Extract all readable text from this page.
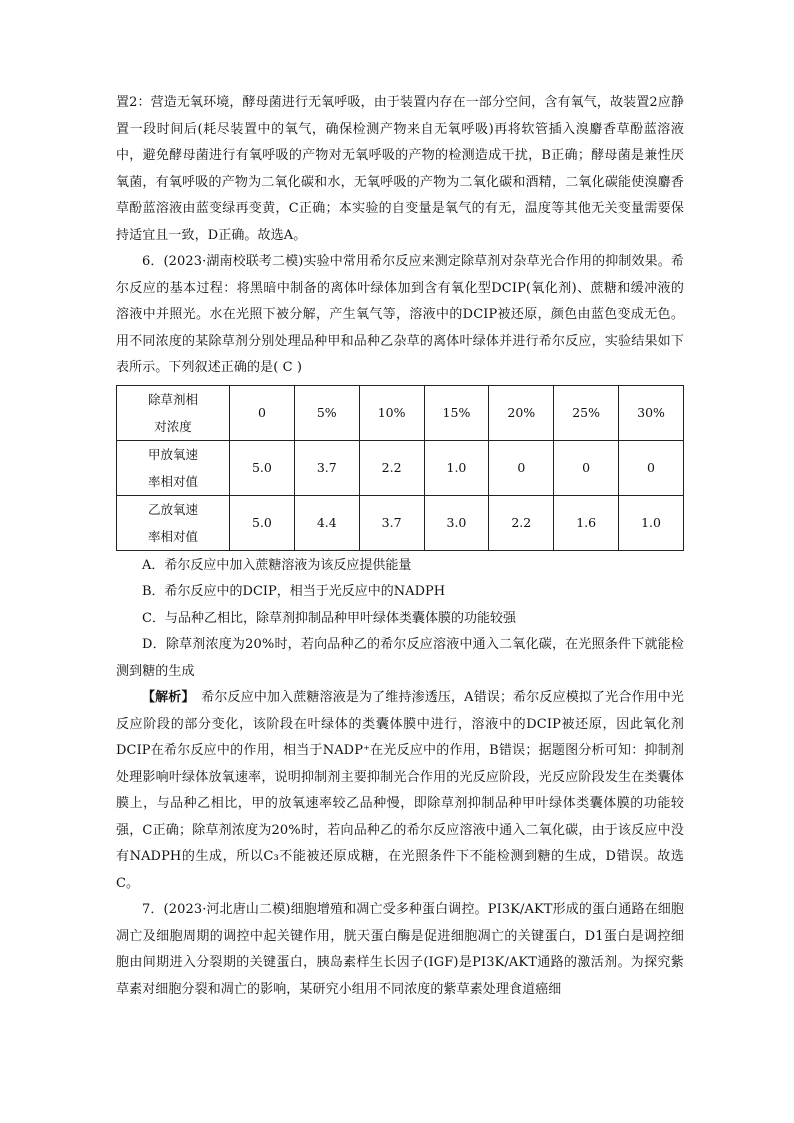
置2：营造无氧环境，酵母菌进行无氧呼吸，由于装置内存在一部分空间，含有氧气，故装置2应静置一段时间后(耗尽装置中的氧气，确保检测产物来自无氧呼吸)再将软管插入溴麝香草酚蓝溶液中，避免酵母菌进行有氧呼吸的产物对无氧呼吸的产物的检测造成干扰，B正确；酵母菌是兼性厌氧菌，有氧呼吸的产物为二氧化碳和水，无氧呼吸的产物为二氧化碳和酒精，二氧化碳能使溴麝香草酚蓝溶液由蓝变绿再变黄，C正确；本实验的自变量是氧气的有无，温度等其他无关变量需要保持适宜且一致，D正确。故选A。

6．(2023·湖南校联考二模)实验中常用希尔反应来测定除草剂对杂草光合作用的抑制效果。希尔反应的基本过程：将黑暗中制备的离体叶绿体加到含有氧化型DCIP(氧化剂)、蔗糖和缓冲液的溶液中并照光。水在光照下被分解，产生氧气等，溶液中的DCIP被还原，颜色由蓝色变成无色。用不同浓度的某除草剂分别处理品种甲和品种乙杂草的离体叶绿体并进行希尔反应，实验结果如下表所示。下列叙述正确的是( C )

除草剂相
对浓度	0	5%	10%	15%	20%	25%	30%

甲放氧速
率相对值	5.0	3.7	2.2	1.0	0	0	0

乙放氧速
率相对值	5.0	4.4	3.7	3.0	2.2	1.6	1.0

A．希尔反应中加入蔗糖溶液为该反应提供能量

B．希尔反应中的DCIP，相当于光反应中的NADPH

C．与品种乙相比，除草剂抑制品种甲叶绿体类囊体膜的功能较强

D．除草剂浓度为20%时，若向品种乙的希尔反应溶液中通入二氧化碳，在光照条件下就能检测到糖的生成

【解析】　 希尔反应中加入蔗糖溶液是为了维持渗透压，A错误；希尔反应模拟了光合作用中光反应阶段的部分变化，该阶段在叶绿体的类囊体膜中进行，溶液中的DCIP被还原，因此氧化剂DCIP在希尔反应中的作用，相当于NADP⁺在光反应中的作用，B错误；据题图分析可知：抑制剂处理影响叶绿体放氧速率，说明抑制剂主要抑制光合作用的光反应阶段，光反应阶段发生在类囊体膜上，与品种乙相比，甲的放氧速率较乙品种慢，即除草剂抑制品种甲叶绿体类囊体膜的功能较强，C正确；除草剂浓度为20%时，若向品种乙的希尔反应溶液中通入二氧化碳，由于该反应中没有NADPH的生成，所以C₃不能被还原成糖，在光照条件下不能检测到糖的生成，D错误。故选C。

7．(2023·河北唐山二模)细胞增殖和凋亡受多种蛋白调控。PI3K/AKT形成的蛋白通路在细胞凋亡及细胞周期的调控中起关键作用，胱天蛋白酶是促进细胞凋亡的关键蛋白，D1蛋白是调控细胞由间期进入分裂期的关键蛋白，胰岛素样生长因子(IGF)是PI3K/AKT通路的激活剂。为探究紫草素对细胞分裂和凋亡的影响，某研究小组用不同浓度的紫草素处理食道癌细
